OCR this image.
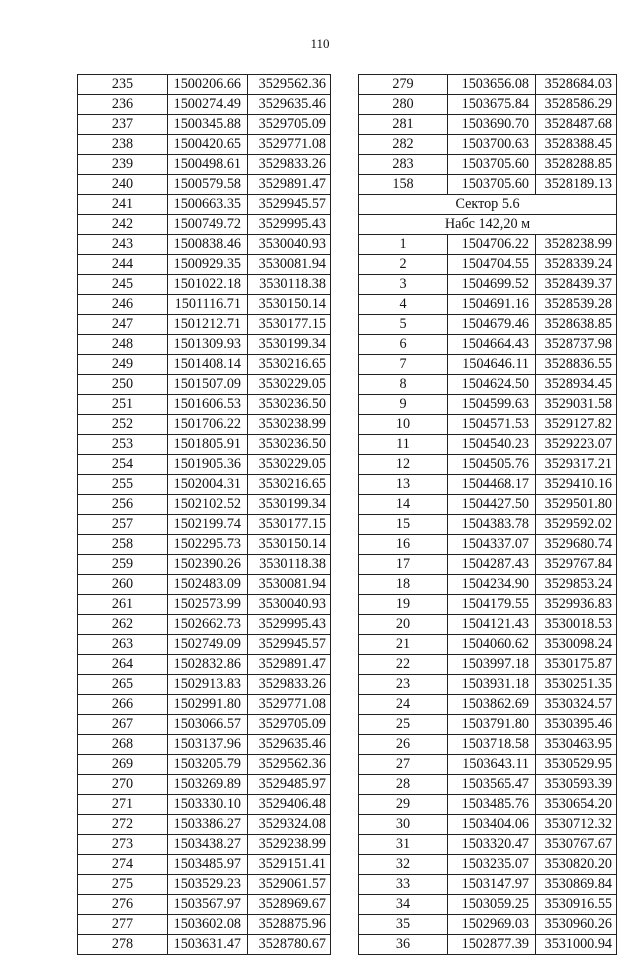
110
235	1500206.66	3529562.36
236	1500274.49	3529635.46
237	1500345.88	3529705.09
238	1500420.65	3529771.08
239	1500498.61	3529833.26
240	1500579.58	3529891.47
241	1500663.35	3529945.57
242	1500749.72	3529995.43
243	1500838.46	3530040.93
244	1500929.35	3530081.94
245	1501022.18	3530118.38
246	1501116.71	3530150.14
247	1501212.71	3530177.15
248	1501309.93	3530199.34
249	1501408.14	3530216.65
250	1501507.09	3530229.05
251	1501606.53	3530236.50
252	1501706.22	3530238.99
253	1501805.91	3530236.50
254	1501905.36	3530229.05
255	1502004.31	3530216.65
256	1502102.52	3530199.34
257	1502199.74	3530177.15
258	1502295.73	3530150.14
259	1502390.26	3530118.38
260	1502483.09	3530081.94
261	1502573.99	3530040.93
262	1502662.73	3529995.43
263	1502749.09	3529945.57
264	1502832.86	3529891.47
265	1502913.83	3529833.26
266	1502991.80	3529771.08
267	1503066.57	3529705.09
268	1503137.96	3529635.46
269	1503205.79	3529562.36
270	1503269.89	3529485.97
271	1503330.10	3529406.48
272	1503386.27	3529324.08
273	1503438.27	3529238.99
274	1503485.97	3529151.41
275	1503529.23	3529061.57
276	1503567.97	3528969.67
277	1503602.08	3528875.96
278	1503631.47	3528780.67
279	1503656.08	3528684.03
280	1503675.84	3528586.29
281	1503690.70	3528487.68
282	1503700.63	3528388.45
283	1503705.60	3528288.85
158	1503705.60	3528189.13
Сектор 5.6		
Набс 142,20 м		
1	1504706.22	3528238.99
2	1504704.55	3528339.24
3	1504699.52	3528439.37
4	1504691.16	3528539.28
5	1504679.46	3528638.85
6	1504664.43	3528737.98
7	1504646.11	3528836.55
8	1504624.50	3528934.45
9	1504599.63	3529031.58
10	1504571.53	3529127.82
11	1504540.23	3529223.07
12	1504505.76	3529317.21
13	1504468.17	3529410.16
14	1504427.50	3529501.80
15	1504383.78	3529592.02
16	1504337.07	3529680.74
17	1504287.43	3529767.84
18	1504234.90	3529853.24
19	1504179.55	3529936.83
20	1504121.43	3530018.53
21	1504060.62	3530098.24
22	1503997.18	3530175.87
23	1503931.18	3530251.35
24	1503862.69	3530324.57
25	1503791.80	3530395.46
26	1503718.58	3530463.95
27	1503643.11	3530529.95
28	1503565.47	3530593.39
29	1503485.76	3530654.20
30	1503404.06	3530712.32
31	1503320.47	3530767.67
32	1503235.07	3530820.20
33	1503147.97	3530869.84
34	1503059.25	3530916.55
35	1502969.03	3530960.26
36	1502877.39	3531000.94
